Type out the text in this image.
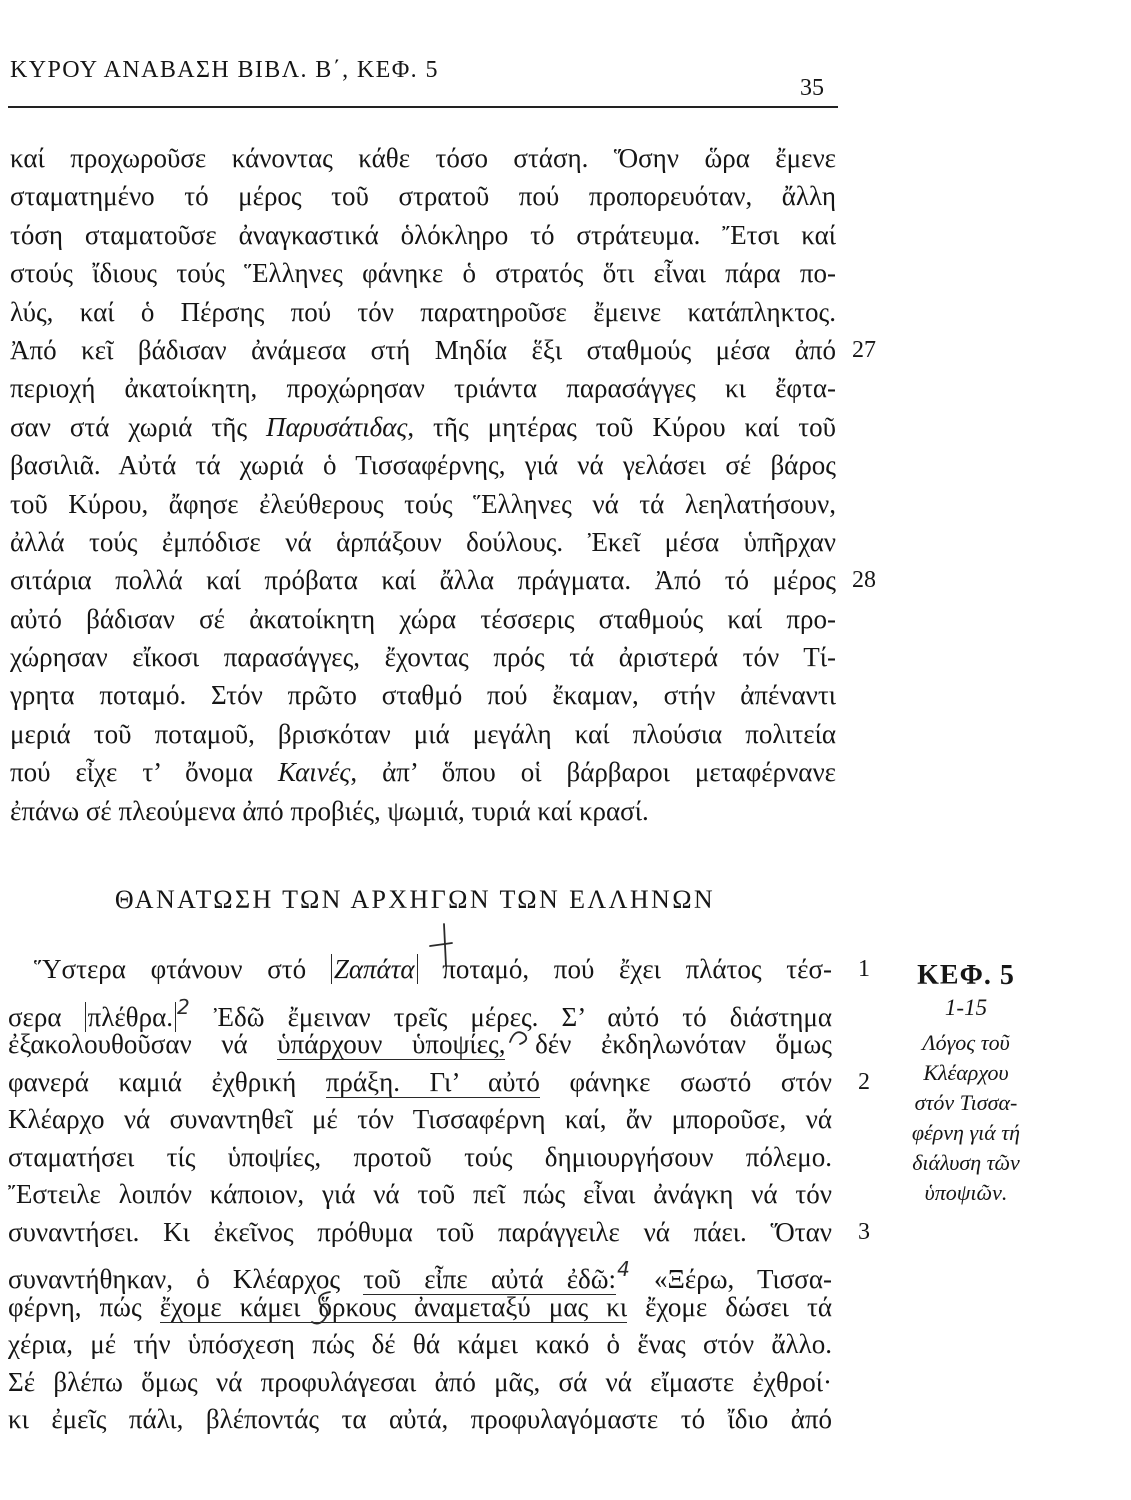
ΚΥΡΟΥ ΑΝΑΒΑΣΗ ΒΙΒΛ. Β΄, ΚΕΦ. 5
35
καί προχωροῦσε κάνοντας κάθε τόσο στάση. Ὅσην ὥρα ἔμενε
σταματημένο τό μέρος τοῦ στρατοῦ πού προπορευόταν, ἄλλη
τόση σταματοῦσε ἀναγκαστικά ὁλόκληρο τό στράτευμα. Ἔτσι καί
στούς ἴδιους τούς Ἕλληνες φάνηκε ὁ στρατός ὅτι εἶναι πάρα πο-
λύς, καί ὁ Πέρσης πού τόν παρατηροῦσε ἔμεινε κατάπληκτος.
Ἀπό κεῖ βάδισαν ἀνάμεσα στή Μηδία ἕξι σταθμούς μέσα ἀπό 27
περιοχή ἀκατοίκητη, προχώρησαν τριάντα παρασάγγες κι ἔφτα-
σαν στά χωριά τῆς Παρυσάτιδας, τῆς μητέρας τοῦ Κύρου καί τοῦ
βασιλιᾶ. Αὐτά τά χωριά ὁ Τισσαφέρνης, γιά νά γελάσει σέ βάρος
τοῦ Κύρου, ἄφησε ἐλεύθερους τούς Ἕλληνες νά τά λεηλατήσουν,
ἀλλά τούς ἐμπόδισε νά ἁρπάξουν δούλους. Ἐκεῖ μέσα ὑπῆρχαν
σιτάρια πολλά καί πρόβατα καί ἄλλα πράγματα. Ἀπό τό μέρος 28
αὐτό βάδισαν σέ ἀκατοίκητη χώρα τέσσερις σταθμούς καί προ-
χώρησαν εἴκοσι παρασάγγες, ἔχοντας πρός τά ἀριστερά τόν Τί-
γρητα ποταμό. Στόν πρῶτο σταθμό πού ἔκαμαν, στήν ἀπέναντι
μεριά τοῦ ποταμοῦ, βρισκόταν μιά μεγάλη καί πλούσια πολιτεία
πού εἶχε τ’ ὄνομα Καινές, ἀπ’ ὅπου οἱ βάρβαροι μεταφέρνανε
ἐπάνω σέ πλεούμενα ἀπό προβιές, ψωμιά, τυριά καί κρασί.
ΘΑΝΑΤΩΣΗ ΤΩΝ ΑΡΧΗΓΩΝ ΤΩΝ ΕΛΛΗΝΩΝ
Ὕστερα φτάνουν στό Ζαπάτα ποταμό, πού ἔχει πλάτος τέσ- 1
σερα πλέθρα. $^2$ Ἐδῶ ἔμειναν τρεῖς μέρες. Σ’ αὐτό τό διάστημα
ἐξακολουθοῦσαν νά ὑπάρχουν ὑποψίες, δέν ἐκδηλωνόταν ὅμως
φανερά καμιά ἐχθρική πράξη. Γι’ αὐτό φάνηκε σωστό στόν 2
Κλέαρχο νά συναντηθεῖ μέ τόν Τισσαφέρνη καί, ἄν μποροῦσε, νά
σταματήσει τίς ὑποψίες, προτοῦ τούς δημιουργήσουν πόλεμο.
Ἔστειλε λοιπόν κάποιον, γιά νά τοῦ πεῖ πώς εἶναι ἀνάγκη νά τόν
συναντήσει. Κι ἐκεῖνος πρόθυμα τοῦ παράγγειλε νά πάει. Ὅταν 3
συναντήθηκαν, ὁ Κλέαρχος τοῦ εἶπε αὐτά ἐδῶ:$^4$ «Ξέρω, Τισσα-
φέρνη, πώς ἔχομε κάμει ὅρκους ἀναμεταξύ μας κι ἔχομε δώσει τά
χέρια, μέ τήν ὑπόσχεση πώς δέ θά κάμει κακό ὁ ἕνας στόν ἄλλο.
Σέ βλέπω ὅμως νά προφυλάγεσαι ἀπό μᾶς, σά νά εἴμαστε ἐχθροί·
κι ἐμεῖς πάλι, βλέποντάς τα αὐτά, προφυλαγόμαστε τό ἴδιο ἀπό
ΚΕΦ. 5
1-15
Λόγος τοῦ
Κλέαρχου
στόν Τισσα-
φέρνη γιά τή
διάλυση τῶν
ὑποψιῶν.
